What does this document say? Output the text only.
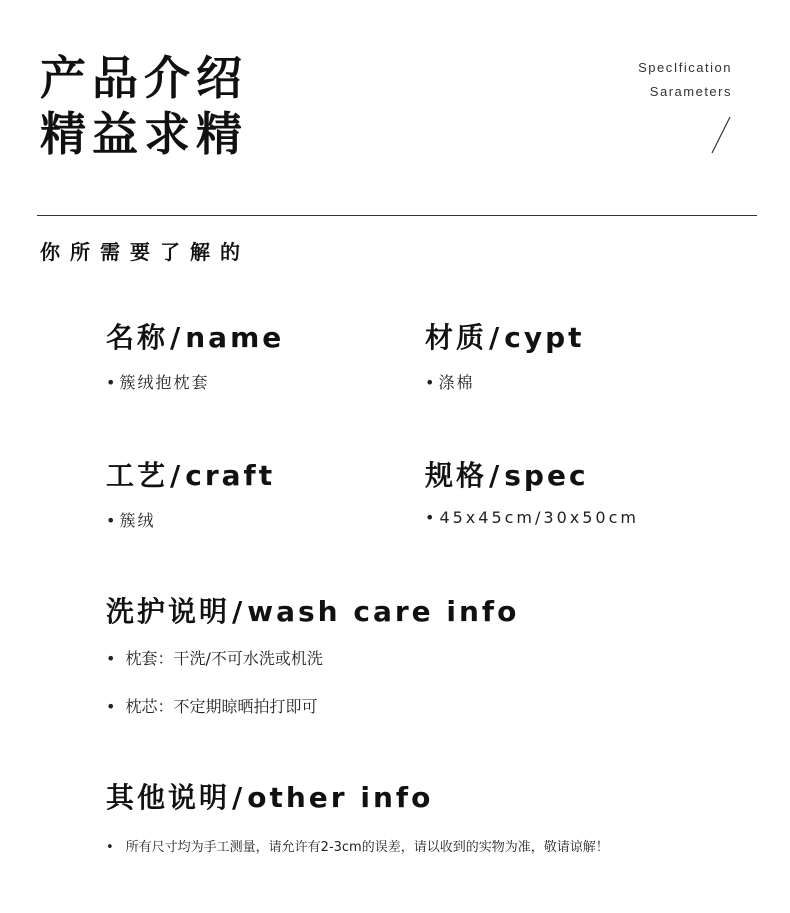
产品介绍
精益求精
SpecIfication
Sarameters
你所需要了解的
名称/name
• 簇绒抱枕套
材质/cypt
• 涤棉
工艺/craft
• 簇绒
规格/spec
• 45x45cm/30x50cm
洗护说明/wash care info
• 枕套：干洗/不可水洗或机洗
• 枕芯：不定期晾晒拍打即可
其他说明/other info
• 所有尺寸均为手工测量，请允许有2-3cm的误差，请以收到的实物为准，敬请谅解！
